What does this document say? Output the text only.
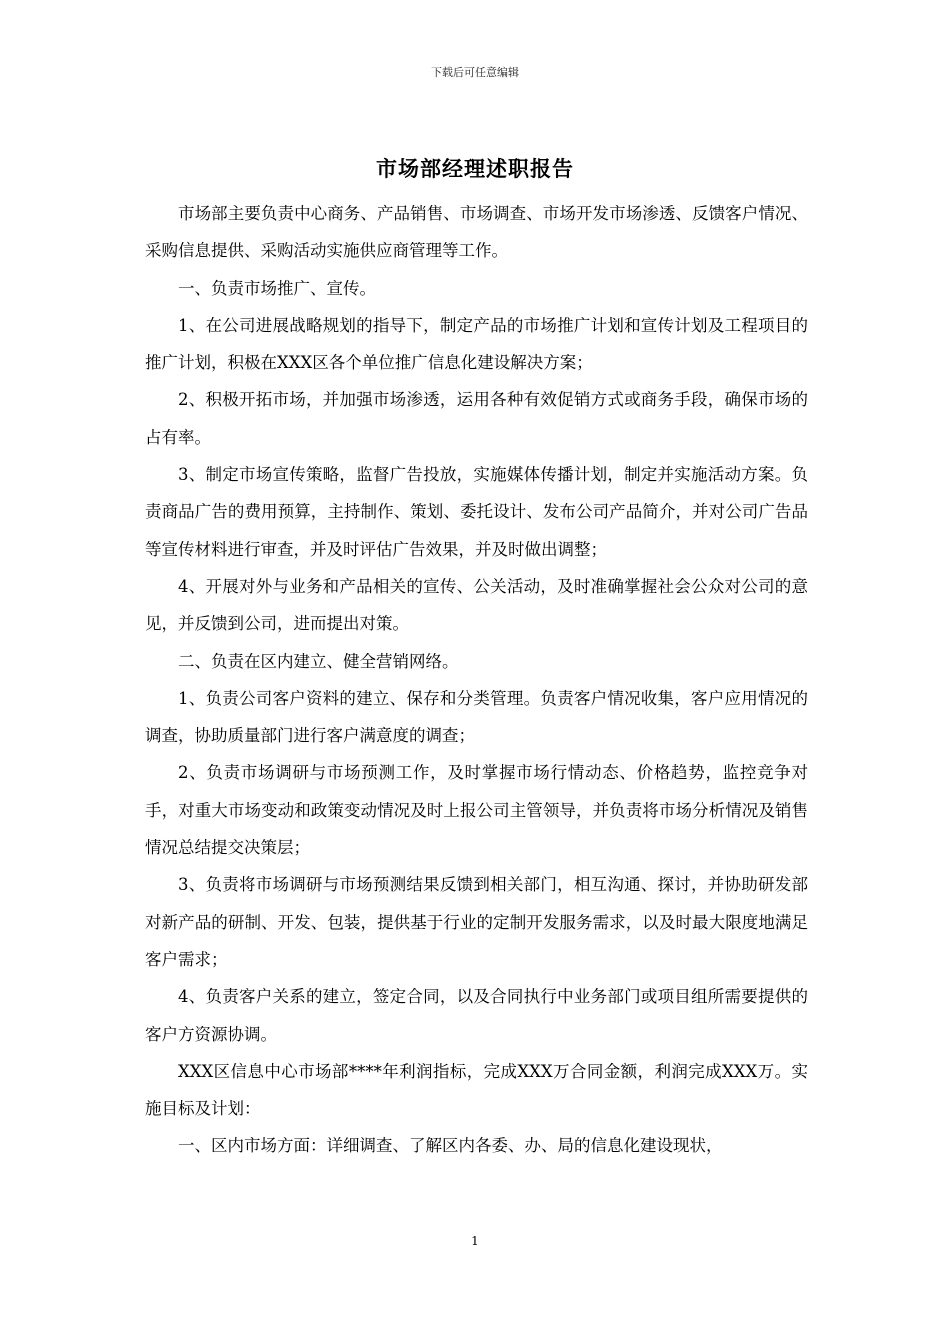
下载后可任意编辑
市场部经理述职报告

市场部主要负责中心商务、产品销售、市场调查、市场开发市场渗透、反馈客户情况、采购信息提供、采购活动实施供应商管理等工作。

一、负责市场推广、宣传。

1、在公司进展战略规划的指导下，制定产品的市场推广计划和宣传计划及工程项目的推广计划，积极在XXX区各个单位推广信息化建设解决方案；

2、积极开拓市场，并加强市场渗透，运用各种有效促销方式或商务手段，确保市场的占有率。

3、制定市场宣传策略，监督广告投放，实施媒体传播计划，制定并实施活动方案。负责商品广告的费用预算，主持制作、策划、委托设计、发布公司产品简介，并对公司广告品等宣传材料进行审查，并及时评估广告效果，并及时做出调整；

4、开展对外与业务和产品相关的宣传、公关活动，及时准确掌握社会公众对公司的意见，并反馈到公司，进而提出对策。

二、负责在区内建立、健全营销网络。

1、负责公司客户资料的建立、保存和分类管理。负责客户情况收集，客户应用情况的调查，协助质量部门进行客户满意度的调查；

2、负责市场调研与市场预测工作，及时掌握市场行情动态、价格趋势，监控竞争对手，对重大市场变动和政策变动情况及时上报公司主管领导，并负责将市场分析情况及销售情况总结提交决策层；

3、负责将市场调研与市场预测结果反馈到相关部门，相互沟通、探讨，并协助研发部对新产品的研制、开发、包装，提供基于行业的定制开发服务需求，以及时最大限度地满足客户需求；

4、负责客户关系的建立，签定合同，以及合同执行中业务部门或项目组所需要提供的客户方资源协调。

XXX区信息中心市场部****年利润指标，完成XXX万合同金额，利润完成XXX万。实施目标及计划：

一、区内市场方面：详细调查、了解区内各委、办、局的信息化建设现状，

1
